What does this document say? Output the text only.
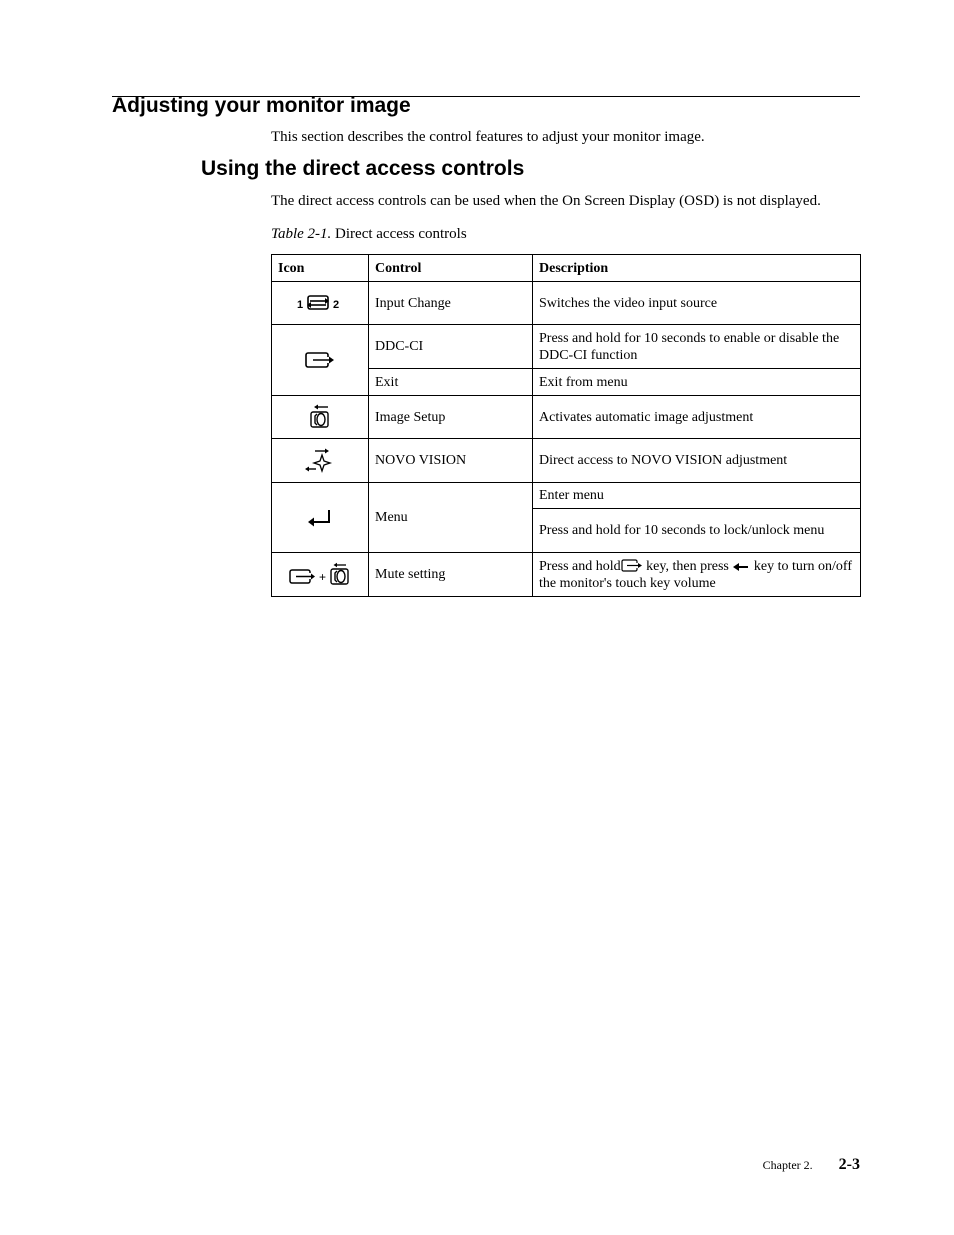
Adjusting your monitor image

This section describes the control features to adjust your monitor image.

Using the direct access controls

The direct access controls can be used when the On Screen Display (OSD) is not displayed.

Table 2-1. Direct access controls

Icon	Control	Description

1 2	Input Change	Switches the video input source

	DDC-CI	Press and hold for 10 seconds to enable or disable the DDC-CI function
	Exit	Exit from menu

	Image Setup	Activates automatic image adjustment

	NOVO VISION	Direct access to NOVO VISION adjustment

	Menu	Enter menu
		Press and hold for 10 seconds to lock/unlock menu

+	Mute setting	Press and hold key, then press  key to turn on/off the monitor's touch key volume
Chapter 2. 2-3
